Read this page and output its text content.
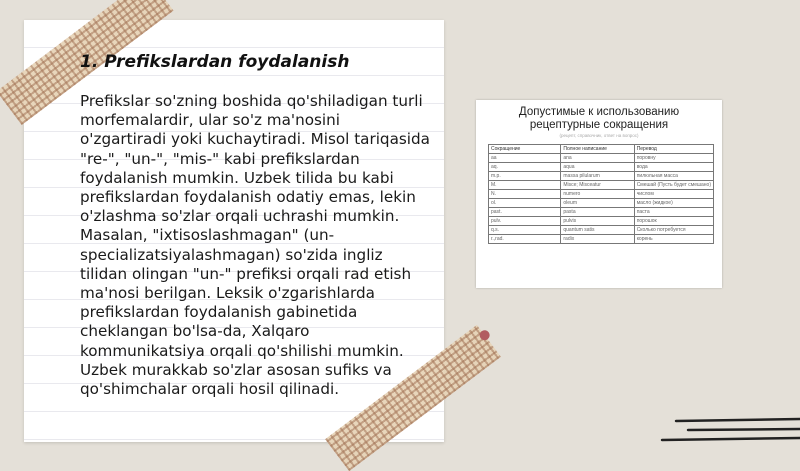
1. Prefikslardan foydalanish

Prefikslar so'zning boshida qo'shiladigan turli morfemalardir, ular so'z ma'nosini o'zgartiradi yoki kuchaytiradi. Misol tariqasida "re-", "un-", "mis-" kabi prefikslardan foydalanish mumkin. Uzbek tilida bu kabi prefikslardan foydalanish odatiy emas, lekin o'zlashma so'zlar orqali uchrashi mumkin. Masalan, "ixtisoslashmagan" (un-specializatsiyalashmagan) so'zida ingliz tilidan olingan "un-" prefiksi orqali rad etish ma'nosi berilgan. Leksik o'zgarishlarda prefikslardan foydalanish gabinetida cheklangan bo'lsa-da, Xalqaro kommunikatsiya orqali qo'shilishi mumkin. Uzbek murakkab so'zlar asosan sufiks va qo'shimchalar orqali hosil qilinadi.

Допустимые к использованию
рецептурные сокращения
(рецепт, справочник, ответ на вопрос)
Сокращение	Полное написание	Перевод
aa	ana	поровну
aq.	aqua	вода
m.p.	massa pilularum	пилюльная масса
M.	Misce; Misceatur	Смешай (Пусть будет смешано)
N.	numero	числом
ol.	oleum	масло (жидкое)
past.	pasta	паста
pulv.	pulvis	порошок
q.s.	quantum satis	Сколько потребуется
r.,rad.	radix	корень
